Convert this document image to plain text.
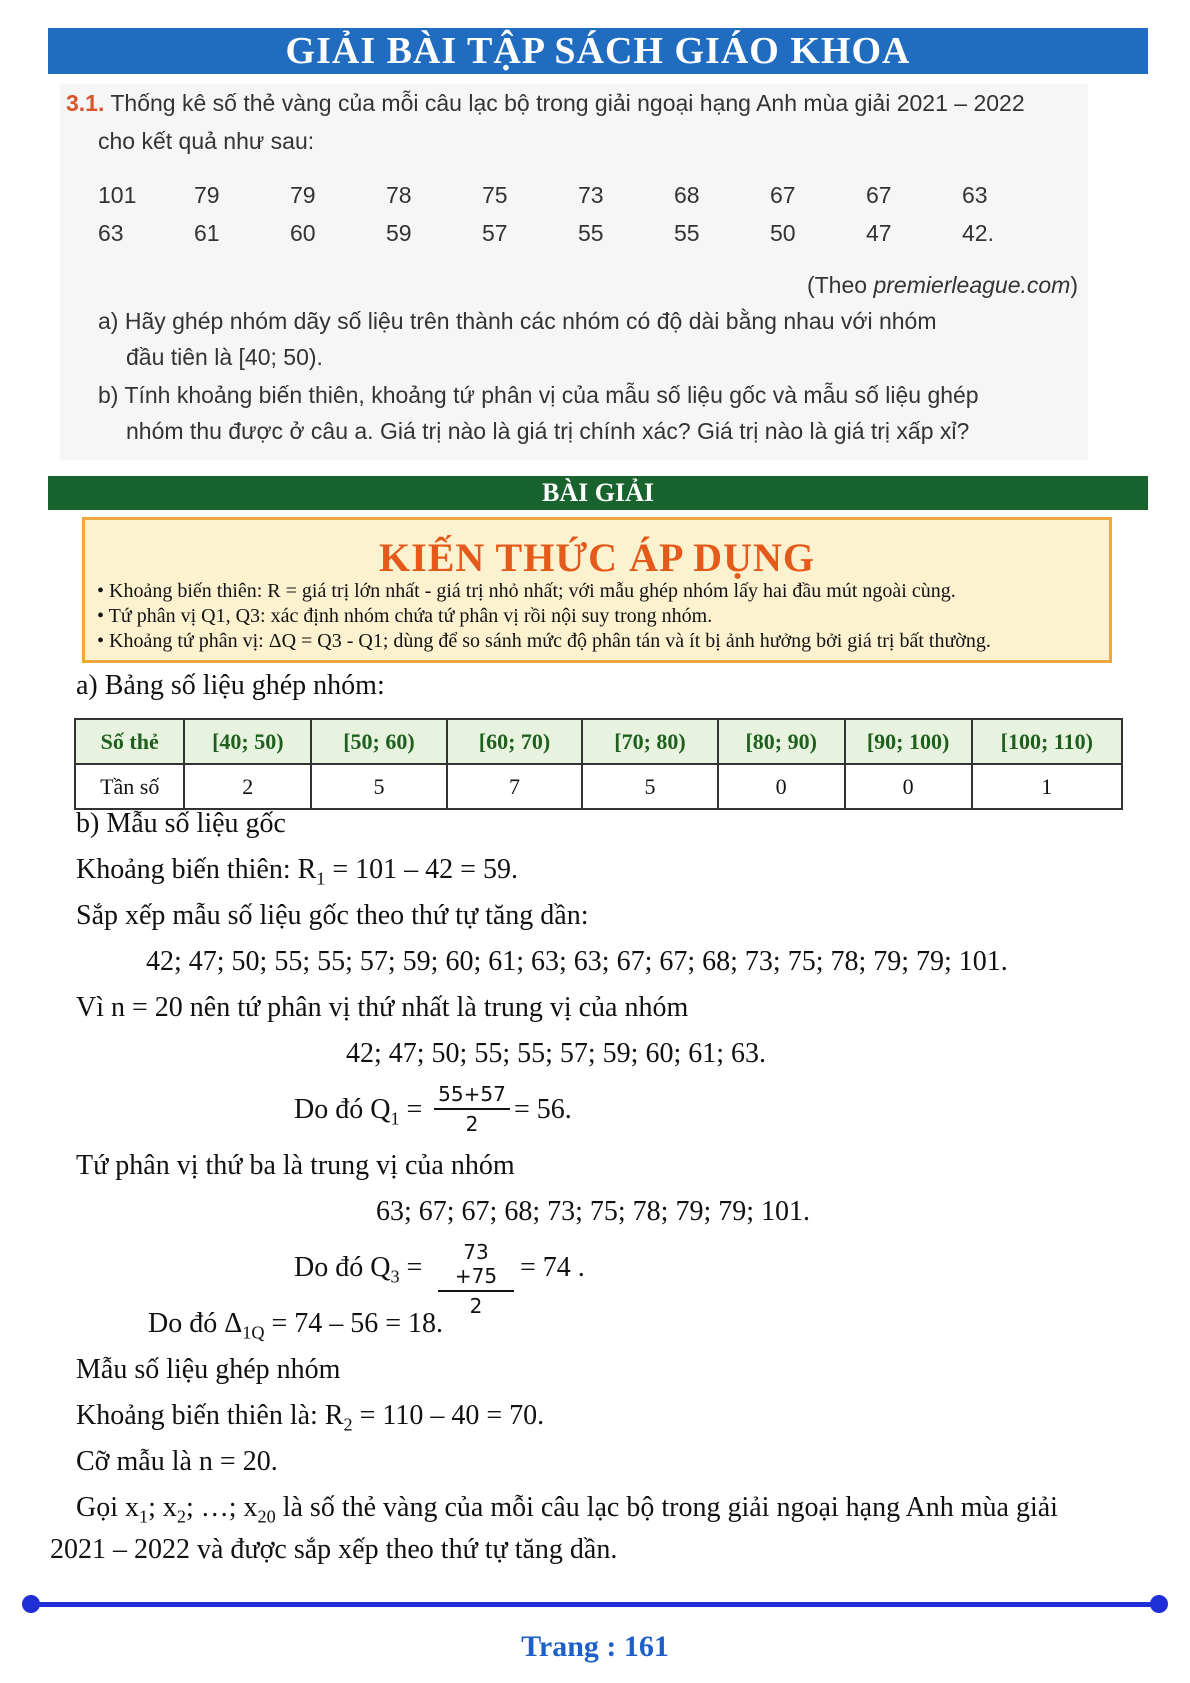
GIẢI BÀI TẬP SÁCH GIÁO KHOA
3.1. Thống kê số thẻ vàng của mỗi câu lạc bộ trong giải ngoại hạng Anh mùa giải 2021 – 2022
cho kết quả như sau:
101	79	79	78	75	73	68	67	67	63
63	61	60	59	57	55	55	50	47	42.
(Theo premierleague.com)
a) Hãy ghép nhóm dãy số liệu trên thành các nhóm có độ dài bằng nhau với nhóm
đầu tiên là [40; 50).
b) Tính khoảng biến thiên, khoảng tứ phân vị của mẫu số liệu gốc và mẫu số liệu ghép
nhóm thu được ở câu a. Giá trị nào là giá trị chính xác? Giá trị nào là giá trị xấp xỉ?
BÀI GIẢI
KIẾN THỨC ÁP DỤNG
• Khoảng biến thiên: R = giá trị lớn nhất - giá trị nhỏ nhất; với mẫu ghép nhóm lấy hai đầu mút ngoài cùng.
• Tứ phân vị Q1, Q3: xác định nhóm chứa tứ phân vị rồi nội suy trong nhóm.
• Khoảng tứ phân vị: ΔQ = Q3 - Q1; dùng để so sánh mức độ phân tán và ít bị ảnh hưởng bởi giá trị bất thường.
a) Bảng số liệu ghép nhóm:
Số thẻ	[40; 50)	[50; 60)	[60; 70)	[70; 80)	[80; 90)	[90; 100)	[100; 110)
Tần số	2	5	7	5	0	0	1
b) Mẫu số liệu gốc
Khoảng biến thiên: $R_1 = 101 - 42 = 59$.
Sắp xếp mẫu số liệu gốc theo thứ tự tăng dần:
42; 47; 50; 55; 55; 57; 59; 60; 61; 63; 63; 67; 67; 68; 73; 75; 78; 79; 79; 101.
Vì n = 20 nên tứ phân vị thứ nhất là trung vị của nhóm
42; 47; 50; 55; 55; 57; 59; 60; 61; 63.
Do đó $Q_1 = 55+57$
2	= 56.
Tứ phân vị thứ ba là trung vị của nhóm
63; 67; 67; 68; 73; 75; 78; 79; 79; 101.
Do đó $Q_3$ =	73 +75
2
= 74 .
Do đó $\Delta_{1Q} = 74 - 56 = 18$.
Mẫu số liệu ghép nhóm
Khoảng biến thiên là: $R_2 = 110 - 40 = 70$.
Cỡ mẫu là n = 20.
Gọi $x_1$; $x_2$; …; $x_{20}$ là số thẻ vàng của mỗi câu lạc bộ trong giải ngoại hạng Anh mùa giải
2021 – 2022 và được sắp xếp theo thứ tự tăng dần.
Trang : 161
